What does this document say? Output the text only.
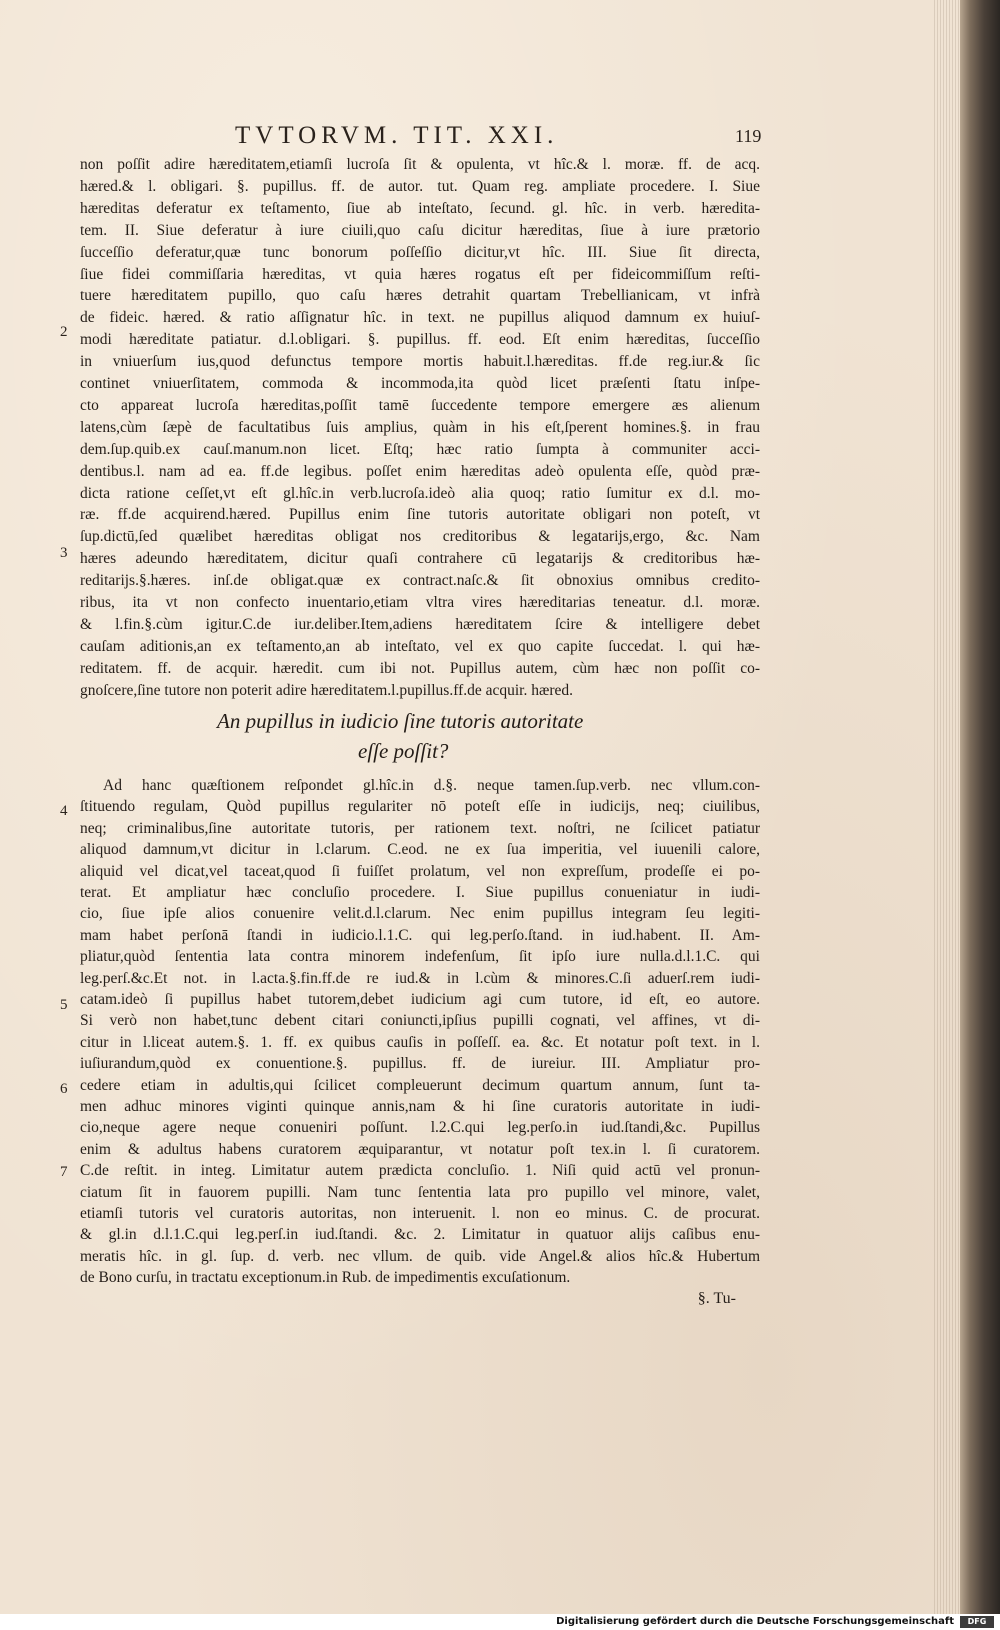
TVTORVM. TIT. XXI.	119
non poſſit adire hæreditatem,etiamſi lucroſa ſit & opulenta, vt hîc.& l. moræ. ff. de acq.
hæred.& l. obligari. §. pupillus. ff. de autor. tut. Quam reg. ampliate procedere. I. Siue
hæreditas deferatur ex teſtamento, ſiue ab inteſtato, ſecund. gl. hîc. in verb. hæredita-
tem. II. Siue deferatur à iure ciuili,quo caſu dicitur hæreditas, ſiue à iure prætorio
ſucceſſio deferatur,quæ tunc bonorum poſſeſſio dicitur,vt hîc. III. Siue ſit directa,
ſiue fidei commiſſaria hæreditas, vt quia hæres rogatus eſt per fideicommiſſum reſti-
tuere hæreditatem pupillo, quo caſu hæres detrahit quartam Trebellianicam, vt infrà
de fideic. hæred. & ratio aſſignatur hîc. in text. ne pupillus aliquod damnum ex huiuſ-
modi hæreditate patiatur. d.l.obligari. §. pupillus. ff. eod. Eſt enim hæreditas, ſucceſſio
in vniuerſum ius,quod defunctus tempore mortis habuit.l.hæreditas. ff.de reg.iur.& ſic
continet vniuerſitatem, commoda & incommoda,ita quòd licet præſenti ſtatu inſpe-
cto appareat lucroſa hæreditas,poſſit tamē ſuccedente tempore emergere æs alienum
latens,cùm ſæpè de facultatibus ſuis amplius, quàm in his eſt,ſperent homines.§. in frau
dem.ſup.quib.ex cauſ.manum.non licet. Eſtq; hæc ratio ſumpta à communiter acci-
dentibus.l. nam ad ea. ff.de legibus. poſſet enim hæreditas adeò opulenta eſſe, quòd præ-
dicta ratione ceſſet,vt eſt gl.hîc.in verb.lucroſa.ideò alia quoq; ratio ſumitur ex d.l. mo-
ræ. ff.de acquirend.hæred. Pupillus enim ſine tutoris autoritate obligari non poteſt, vt
ſup.dictū,ſed quælibet hæreditas obligat nos creditoribus & legatarijs,ergo, &c. Nam
hæres adeundo hæreditatem, dicitur quaſi contrahere cū legatarijs & creditoribus hæ-
reditarijs.§.hæres. inſ.de obligat.quæ ex contract.naſc.& ſit obnoxius omnibus credito-
ribus, ita vt non confecto inuentario,etiam vltra vires hæreditarias teneatur. d.l. moræ.
& l.fin.§.cùm igitur.C.de iur.deliber.Item,adiens hæreditatem ſcire & intelligere debet
cauſam aditionis,an ex teſtamento,an ab inteſtato, vel ex quo capite ſuccedat. l. qui hæ-
reditatem. ff. de acquir. hæredit. cum ibi not. Pupillus autem, cùm hæc non poſſit co-
gnoſcere,ſine tutore non poterit adire hæreditatem.l.pupillus.ff.de acquir. hæred.
Ad hanc quæſtionem reſpondet gl.hîc.in d.§. neque tamen.ſup.verb. nec vllum.con-
ſtituendo regulam, Quòd pupillus regulariter nō poteſt eſſe in iudicijs, neq; ciuilibus,
neq; criminalibus,ſine autoritate tutoris, per rationem text. noſtri, ne ſcilicet patiatur
aliquod damnum,vt dicitur in l.clarum. C.eod. ne ex ſua imperitia, vel iuuenili calore,
aliquid vel dicat,vel taceat,quod ſi fuiſſet prolatum, vel non expreſſum, prodeſſe ei po-
terat. Et ampliatur hæc concluſio procedere. I. Siue pupillus conueniatur in iudi-
cio, ſiue ipſe alios conuenire velit.d.l.clarum. Nec enim pupillus integram ſeu legiti-
mam habet perſonā ſtandi in iudicio.l.1.C. qui leg.perſo.ſtand. in iud.habent. II. Am-
pliatur,quòd ſententia lata contra minorem indefenſum, ſit ipſo iure nulla.d.l.1.C. qui
leg.perſ.&c.Et not. in l.acta.§.fin.ff.de re iud.& in l.cùm & minores.C.ſi aduerſ.rem iudi-
catam.ideò ſi pupillus habet tutorem,debet iudicium agi cum tutore, id eſt, eo autore.
Si verò non habet,tunc debent citari coniuncti,ipſius pupilli cognati, vel affines, vt di-
citur in l.liceat autem.§. 1. ff. ex quibus cauſis in poſſeſſ. ea. &c. Et notatur poſt text. in l.
iuſiurandum,quòd ex conuentione.§. pupillus. ff. de iureiur. III. Ampliatur pro-
cedere etiam in adultis,qui ſcilicet compleuerunt decimum quartum annum, ſunt ta-
men adhuc minores viginti quinque annis,nam & hi ſine curatoris autoritate in iudi-
cio,neque agere neque conueniri poſſunt. l.2.C.qui leg.perſo.in iud.ſtandi,&c. Pupillus
enim & adultus habens curatorem æquiparantur, vt notatur poſt tex.in l. ſi curatorem.
C.de reſtit. in integ. Limitatur autem prædicta concluſio. 1. Niſi quid actū vel pronun-
ciatum ſit in fauorem pupilli. Nam tunc ſententia lata pro pupillo vel minore, valet,
etiamſi tutoris vel curatoris autoritas, non interuenit. l. non eo minus. C. de procurat.
& gl.in d.l.1.C.qui leg.perſ.in iud.ſtandi. &c. 2. Limitatur in quatuor alijs caſibus enu-
meratis hîc. in gl. ſup. d. verb. nec vllum. de quib. vide Angel.& alios hîc.& Hubertum
de Bono curſu, in tractatu exceptionum.in Rub. de impedimentis excuſationum.
An pupillus in iudicio ſine tutoris autoritate
eſſe poſſit?
2
3
4
5
6
7
§. Tu-
Digitalisierung gefördert durch die Deutsche Forschungsgemeinschaft	DFG
